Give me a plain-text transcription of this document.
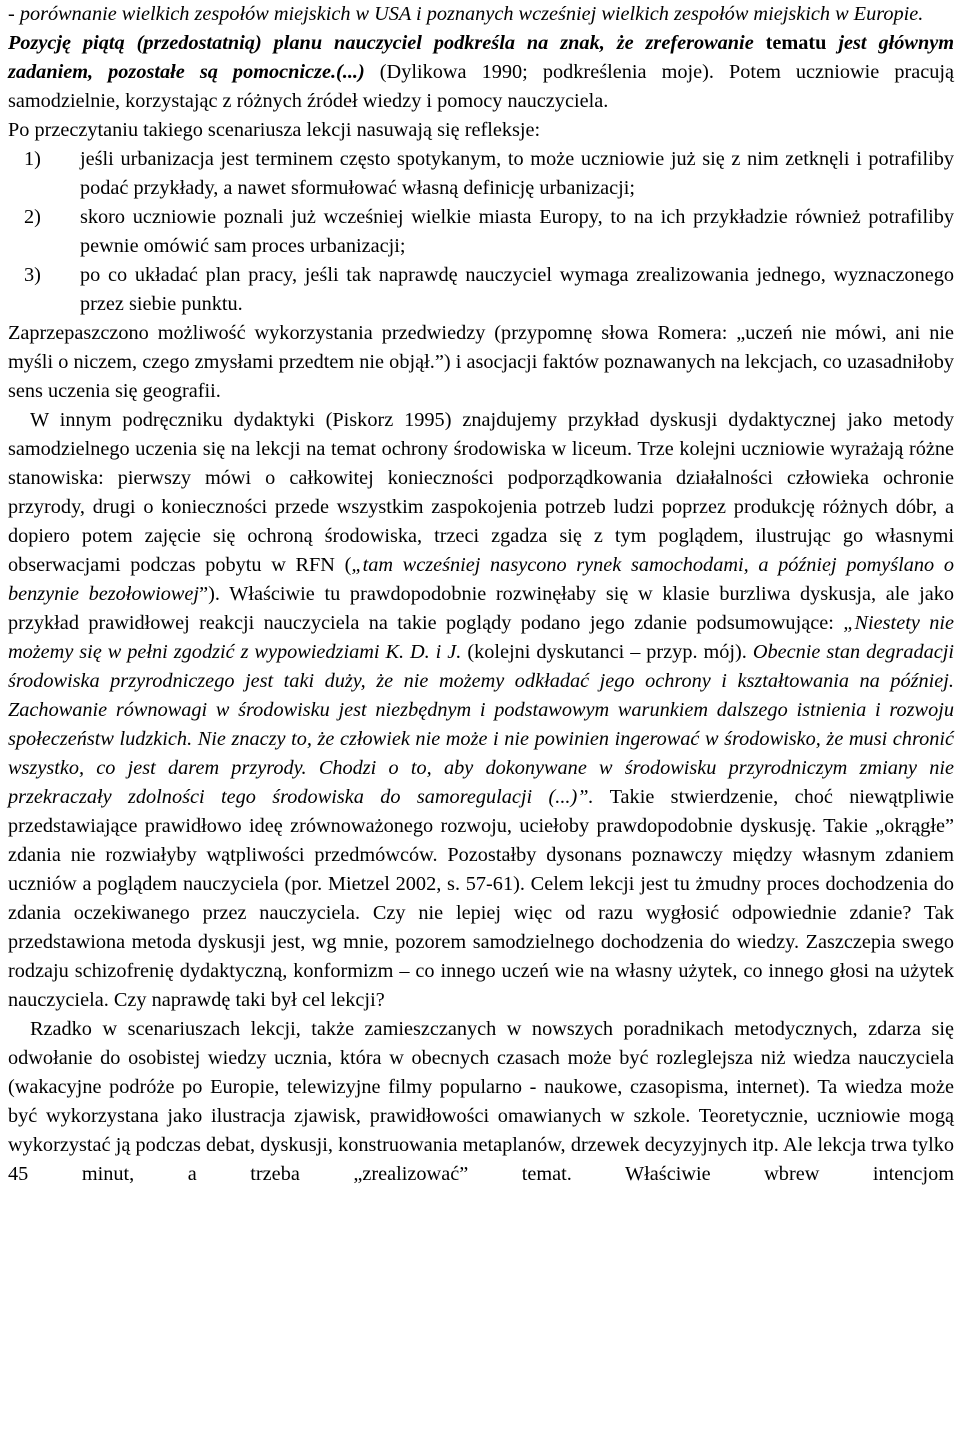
- porównanie wielkich zespołów miejskich w USA i poznanych wcześniej wielkich zespołów miejskich w Europie.

Pozycję piątą (przedostatnią) planu nauczyciel podkreśla na znak, że zreferowanie tematu jest głównym zadaniem, pozostałe są pomocnicze.(...) (Dylikowa 1990; podkreślenia moje). Potem uczniowie pracują samodzielnie, korzystając z różnych źródeł wiedzy i pomocy nauczyciela.

Po przeczytaniu takiego scenariusza lekcji nasuwają się refleksje:

1) jeśli urbanizacja jest terminem często spotykanym, to może uczniowie już się z nim zetknęli i potrafiliby podać przykłady, a nawet sformułować własną definicję urbanizacji;
2) skoro uczniowie poznali już wcześniej wielkie miasta Europy, to na ich przykładzie również potrafiliby pewnie omówić sam proces urbanizacji;
3) po co układać plan pracy, jeśli tak naprawdę nauczyciel wymaga zrealizowania jednego, wyznaczonego przez siebie punktu.

Zaprzepaszczono możliwość wykorzystania przedwiedzy (przypomnę słowa Romera: „uczeń nie mówi, ani nie myśli o niczem, czego zmysłami przedtem nie objął.”) i asocjacji faktów poznawanych na lekcjach, co uzasadniłoby sens uczenia się geografii.

W innym podręczniku dydaktyki (Piskorz 1995) znajdujemy przykład dyskusji dydaktycznej jako metody samodzielnego uczenia się na lekcji na temat ochrony środowiska w liceum. Trze kolejni uczniowie wyrażają różne stanowiska: pierwszy mówi o całkowitej konieczności podporządkowania działalności człowieka ochronie przyrody, drugi o konieczności przede wszystkim zaspokojenia potrzeb ludzi poprzez produkcję różnych dóbr, a dopiero potem zajęcie się ochroną środowiska, trzeci zgadza się z tym poglądem, ilustrując go własnymi obserwacjami podczas pobytu w RFN („tam wcześniej nasycono rynek samochodami, a później pomyślano o benzynie bezołowiowej”). Właściwie tu prawdopodobnie rozwinęłaby się w klasie burzliwa dyskusja, ale jako przykład prawidłowej reakcji nauczyciela na takie poglądy podano jego zdanie podsumowujące: „Niestety nie możemy się w pełni zgodzić z wypowiedziami K. D. i J. (kolejni dyskutanci – przyp. mój). Obecnie stan degradacji środowiska przyrodniczego jest taki duży, że nie możemy odkładać jego ochrony i kształtowania na później. Zachowanie równowagi w środowisku jest niezbędnym i podstawowym warunkiem dalszego istnienia i rozwoju społeczeństw ludzkich. Nie znaczy to, że człowiek nie może i nie powinien ingerować w środowisko, że musi chronić wszystko, co jest darem przyrody. Chodzi o to, aby dokonywane w środowisku przyrodniczym zmiany nie przekraczały zdolności tego środowiska do samoregulacji (...)”. Takie stwierdzenie, choć niewątpliwie przedstawiające prawidłowo ideę zrównoważonego rozwoju, uciełoby prawdopodobnie dyskusję. Takie „okrągłe” zdania nie rozwiałyby wątpliwości przedmówców. Pozostałby dysonans poznawczy między własnym zdaniem uczniów a poglądem nauczyciela (por. Mietzel 2002, s. 57-61). Celem lekcji jest tu żmudny proces dochodzenia do zdania oczekiwanego przez nauczyciela. Czy nie lepiej więc od razu wygłosić odpowiednie zdanie? Tak przedstawiona metoda dyskusji jest, wg mnie, pozorem samodzielnego dochodzenia do wiedzy. Zaszczepia swego rodzaju schizofrenię dydaktyczną, konformizm – co innego uczeń wie na własny użytek, co innego głosi na użytek nauczyciela. Czy naprawdę taki był cel lekcji?

Rzadko w scenariuszach lekcji, także zamieszczanych w nowszych poradnikach metodycznych, zdarza się odwołanie do osobistej wiedzy ucznia, która w obecnych czasach może być rozleglejsza niż wiedza nauczyciela (wakacyjne podróże po Europie, telewizyjne filmy popularno - naukowe, czasopisma, internet). Ta wiedza może być wykorzystana jako ilustracja zjawisk, prawidłowości omawianych w szkole. Teoretycznie, uczniowie mogą wykorzystać ją podczas debat, dyskusji, konstruowania metaplanów, drzewek decyzyjnych itp. Ale lekcja trwa tylko 45 minut, a trzeba „zrealizować” temat. Właściwie wbrew intencjom
